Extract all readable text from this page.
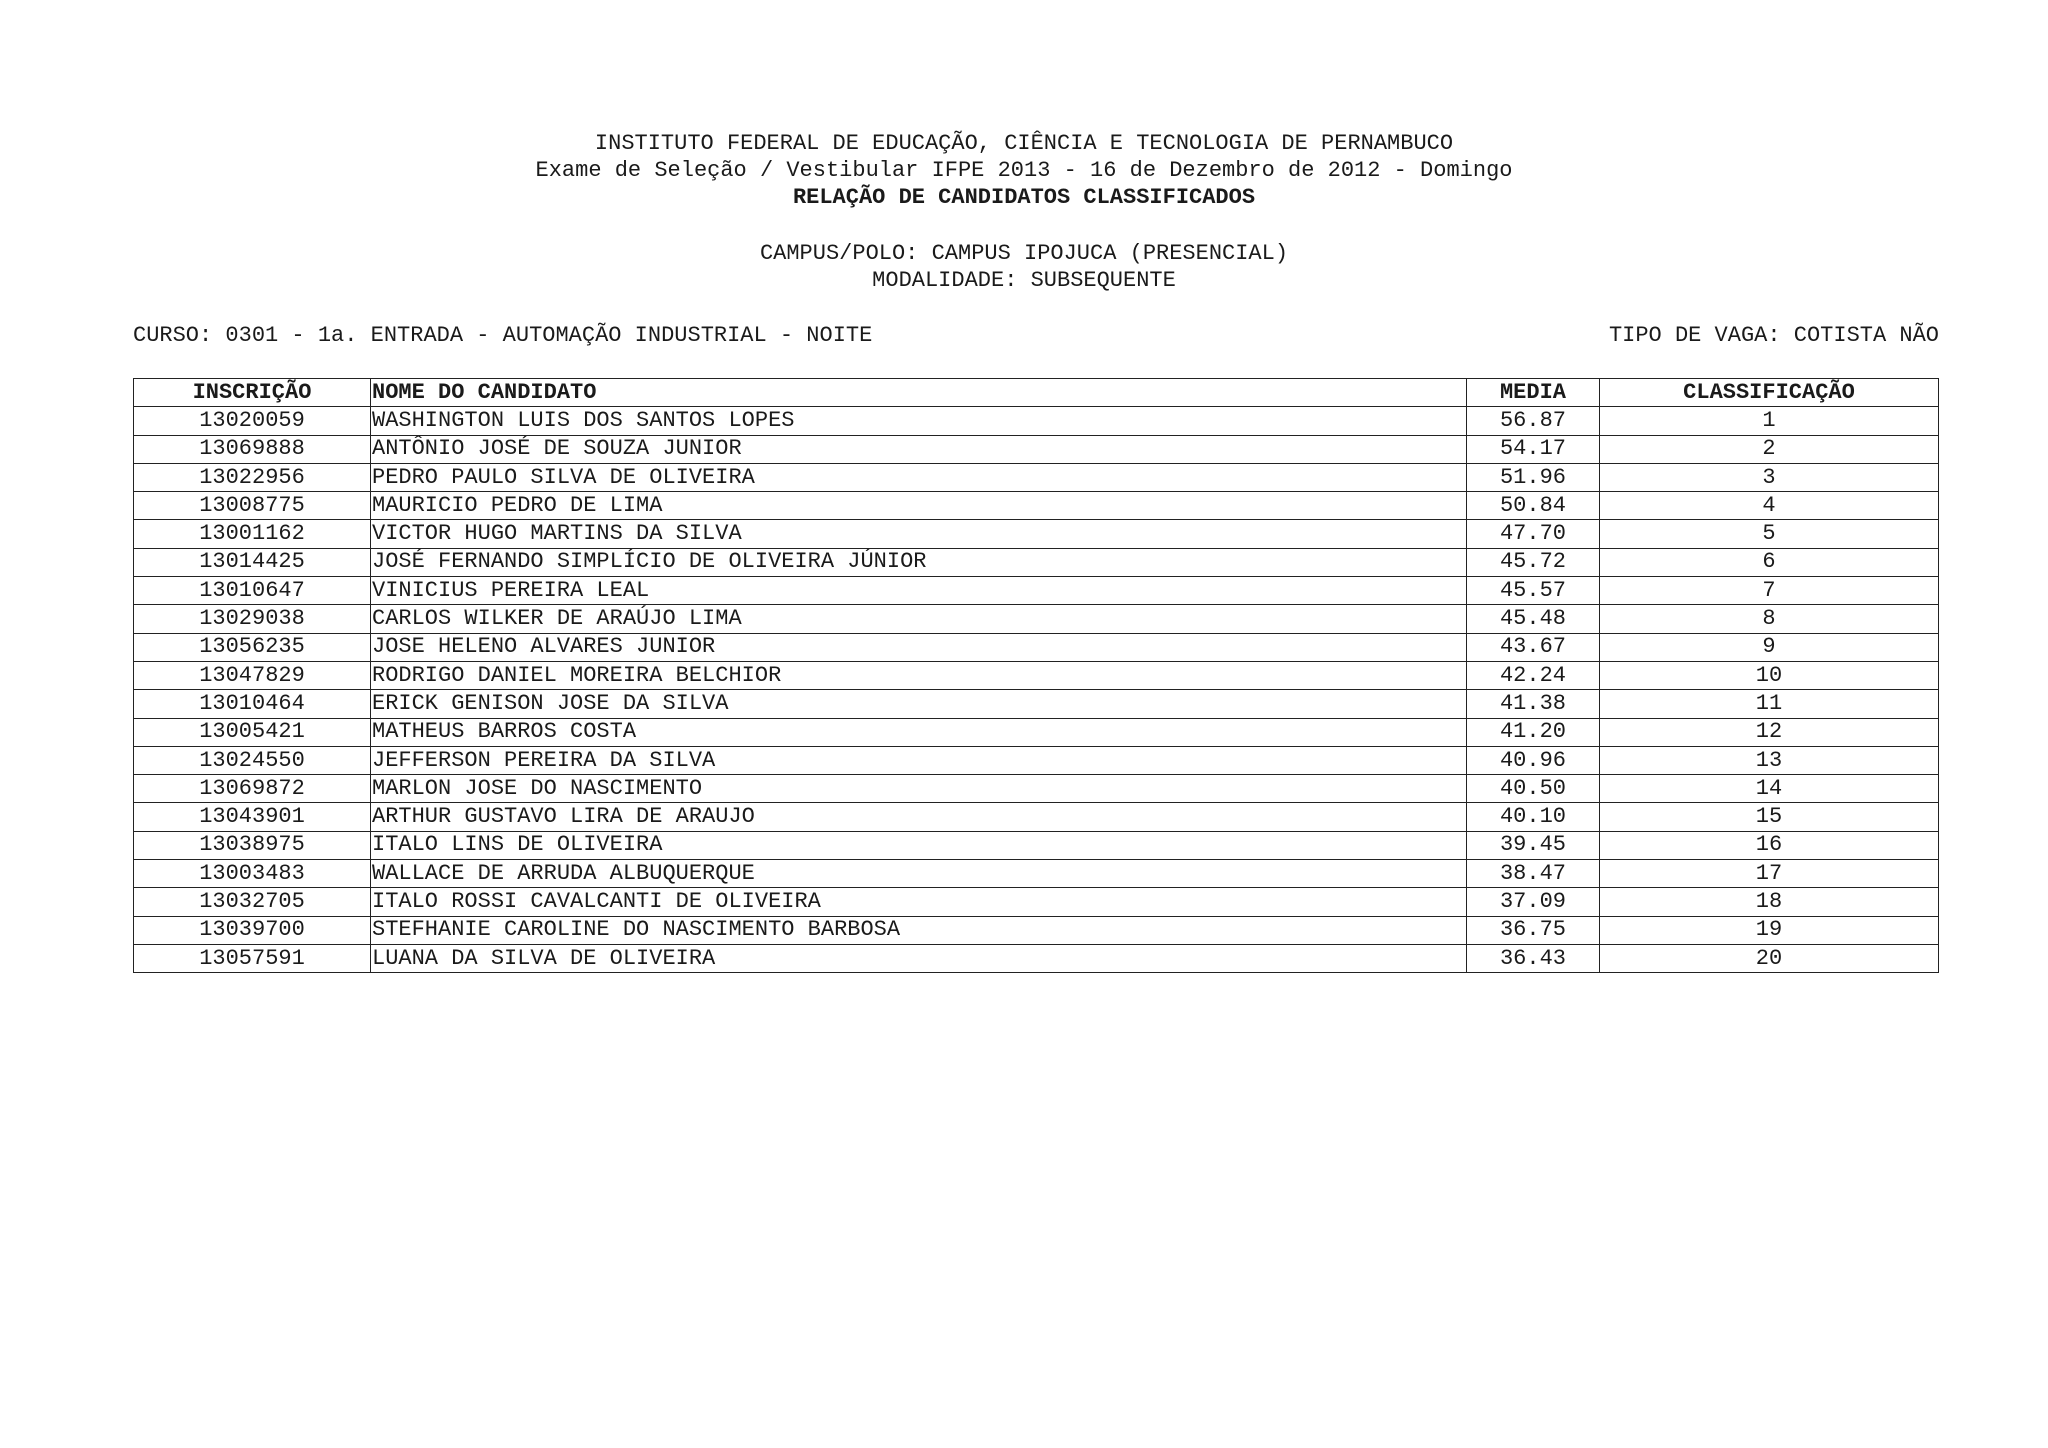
INSTITUTO FEDERAL DE EDUCAÇÃO, CIÊNCIA E TECNOLOGIA DE PERNAMBUCO
Exame de Seleção / Vestibular IFPE 2013 - 16 de Dezembro de 2012 - Domingo
RELAÇÃO DE CANDIDATOS CLASSIFICADOS
CAMPUS/POLO: CAMPUS IPOJUCA (PRESENCIAL)
MODALIDADE: SUBSEQUENTE
CURSO: 0301 - 1a. ENTRADA - AUTOMAÇÃO INDUSTRIAL - NOITE	TIPO DE VAGA: COTISTA NÃO
INSCRIÇÃO	NOME DO CANDIDATO	MEDIA	CLASSIFICAÇÃO
13020059	WASHINGTON LUIS DOS SANTOS LOPES	56.87	1
13069888	ANTÔNIO JOSÉ DE SOUZA JUNIOR	54.17	2
13022956	PEDRO PAULO SILVA DE OLIVEIRA	51.96	3
13008775	MAURICIO PEDRO DE LIMA	50.84	4
13001162	VICTOR HUGO MARTINS DA SILVA	47.70	5
13014425	JOSÉ FERNANDO SIMPLÍCIO DE OLIVEIRA JÚNIOR	45.72	6
13010647	VINICIUS PEREIRA LEAL	45.57	7
13029038	CARLOS WILKER DE ARAÚJO LIMA	45.48	8
13056235	JOSE HELENO ALVARES JUNIOR	43.67	9
13047829	RODRIGO DANIEL MOREIRA BELCHIOR	42.24	10
13010464	ERICK GENISON JOSE DA SILVA	41.38	11
13005421	MATHEUS BARROS COSTA	41.20	12
13024550	JEFFERSON PEREIRA DA SILVA	40.96	13
13069872	MARLON JOSE DO NASCIMENTO	40.50	14
13043901	ARTHUR GUSTAVO LIRA DE ARAUJO	40.10	15
13038975	ITALO LINS DE OLIVEIRA	39.45	16
13003483	WALLACE DE ARRUDA ALBUQUERQUE	38.47	17
13032705	ITALO ROSSI CAVALCANTI DE OLIVEIRA	37.09	18
13039700	STEFHANIE CAROLINE DO NASCIMENTO BARBOSA	36.75	19
13057591	LUANA DA SILVA DE OLIVEIRA	36.43	20
